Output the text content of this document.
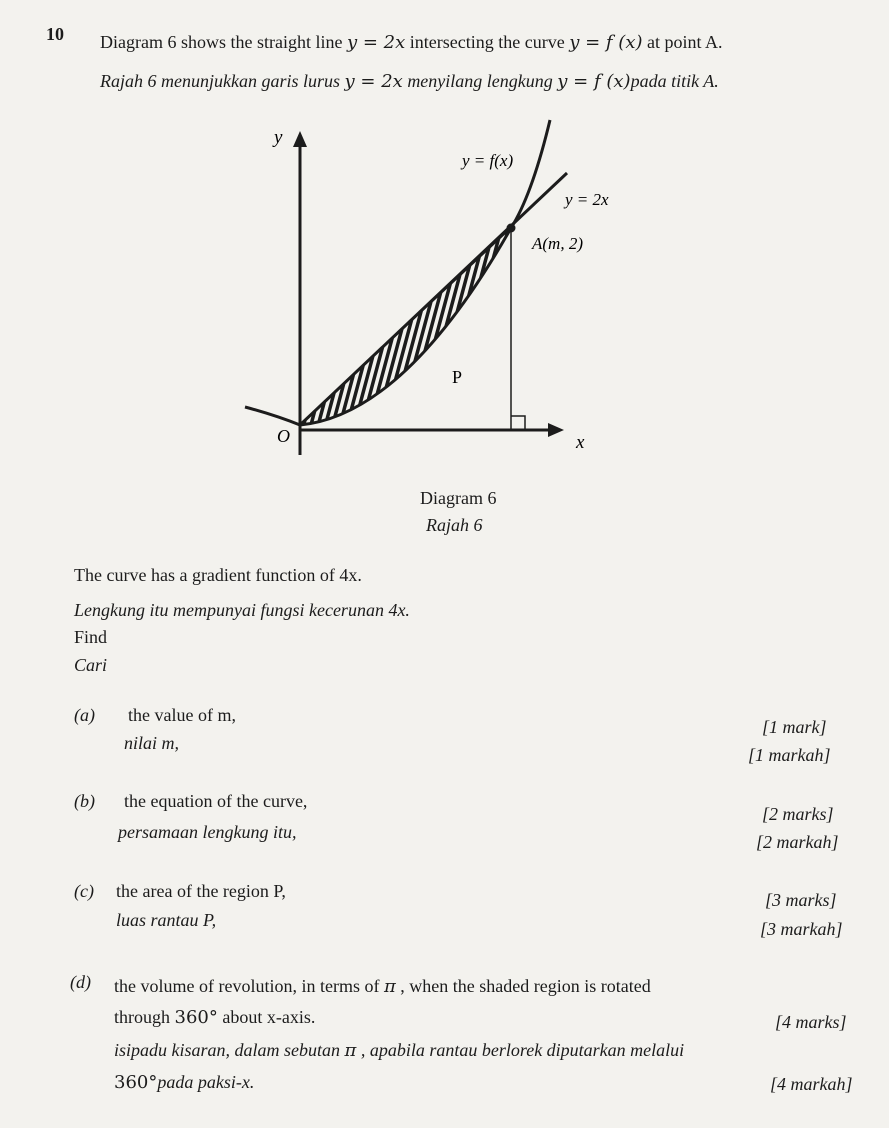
10 Diagram 6 shows the straight line y = 2x intersecting the curve y = f (x) at point A.
Rajah 6 menunjukkan garis lurus y = 2x menyilang lengkung y = f (x)pada titik A.
y
x
O
y = f(x)
y = 2x
A(m, 2)
P
Diagram 6
Rajah 6
The curve has a gradient function of 4x.
Lengkung itu mempunyai fungsi kecerunan 4x.
Find
Cari
(a) the value of m,
nilai m,
[1 mark]
[1 markah]
(b) the equation of the curve,
persamaan lengkung itu,
[2 marks]
[2 markah]
(c) the area of the region P,
luas rantau P,
[3 marks]
[3 markah]
(d) the volume of revolution, in terms of π , when the shaded region is rotated
through 360° about x-axis.	[4 marks]
isipadu kisaran, dalam sebutan π , apabila rantau berlorek diputarkan melalui
360°pada paksi-x.	[4 markah]
